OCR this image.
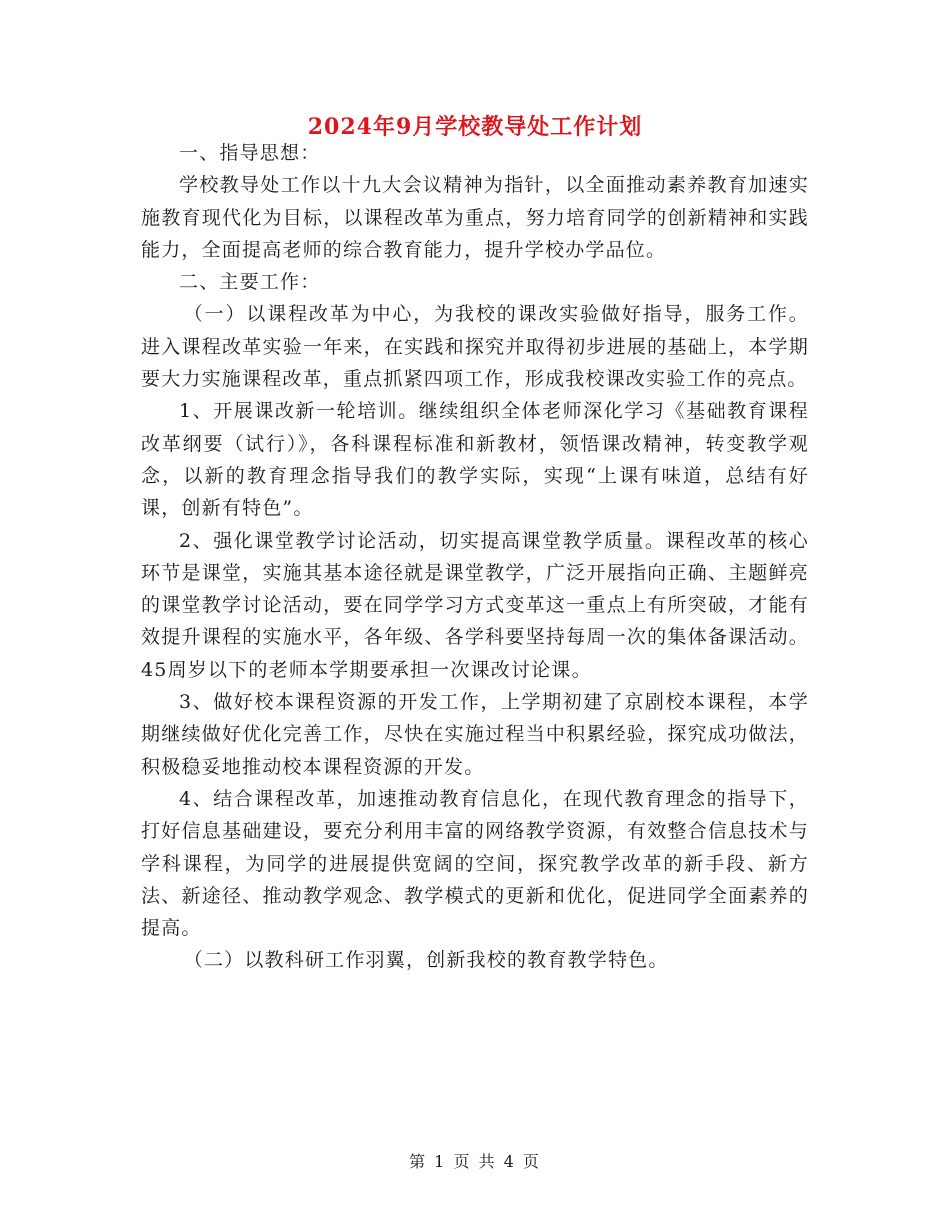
2024年9月学校教导处工作计划

一、指导思想：

学校教导处工作以十九大会议精神为指针，以全面推动素养教育加速实施教育现代化为目标，以课程改革为重点，努力培育同学的创新精神和实践能力，全面提高老师的综合教育能力，提升学校办学品位。

二、主要工作：

（一）以课程改革为中心，为我校的课改实验做好指导，服务工作。进入课程改革实验一年来，在实践和探究并取得初步进展的基础上，本学期要大力实施课程改革，重点抓紧四项工作，形成我校课改实验工作的亮点。

1、开展课改新一轮培训。继续组织全体老师深化学习《基础教育课程改革纲要（试行）》，各科课程标准和新教材，领悟课改精神，转变教学观念，以新的教育理念指导我们的教学实际，实现“上课有味道，总结有好课，创新有特色”。

2、强化课堂教学讨论活动，切实提高课堂教学质量。课程改革的核心环节是课堂，实施其基本途径就是课堂教学，广泛开展指向正确、主题鲜亮的课堂教学讨论活动，要在同学学习方式变革这一重点上有所突破，才能有效提升课程的实施水平，各年级、各学科要坚持每周一次的集体备课活动。45周岁以下的老师本学期要承担一次课改讨论课。

3、做好校本课程资源的开发工作，上学期初建了京剧校本课程，本学期继续做好优化完善工作，尽快在实施过程当中积累经验，探究成功做法，积极稳妥地推动校本课程资源的开发。

4、结合课程改革，加速推动教育信息化，在现代教育理念的指导下，打好信息基础建设，要充分利用丰富的网络教学资源，有效整合信息技术与学科课程，为同学的进展提供宽阔的空间，探究教学改革的新手段、新方法、新途径、推动教学观念、教学模式的更新和优化，促进同学全面素养的提高。

（二）以教科研工作羽翼，创新我校的教育教学特色。

第 1 页 共 4 页
